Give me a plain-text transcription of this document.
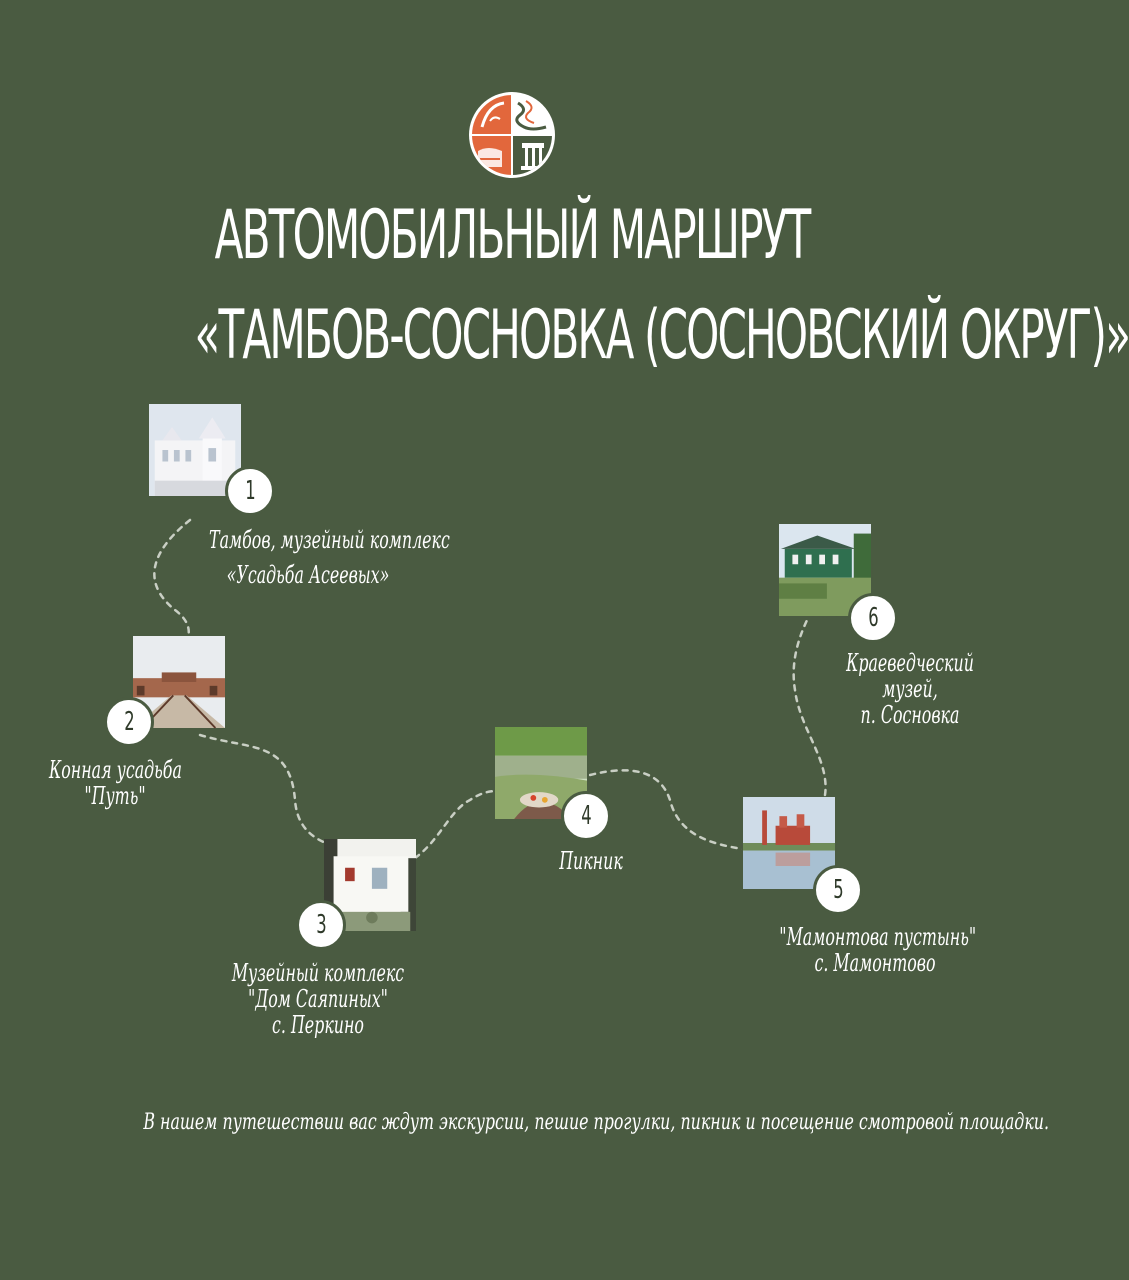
АВТОМОБИЛЬНЫЙ МАРШРУТ
«ТАМБОВ-СОСНОВКА (СОСНОВСКИЙ ОКРУГ)»
1
Тамбов, музейный комплекс
«Усадьба Асеевых»
2
Конная усадьба
"Путь"
3
Музейный комплекс
"Дом Саяпиных"
с. Перкино
4
Пикник
5
"Мамонтова пустынь"
с. Мамонтово
6
Краеведческий
музей,
п. Сосновка
В нашем путешествии вас ждут экскурсии, пешие прогулки, пикник и посещение смотровой площадки.
